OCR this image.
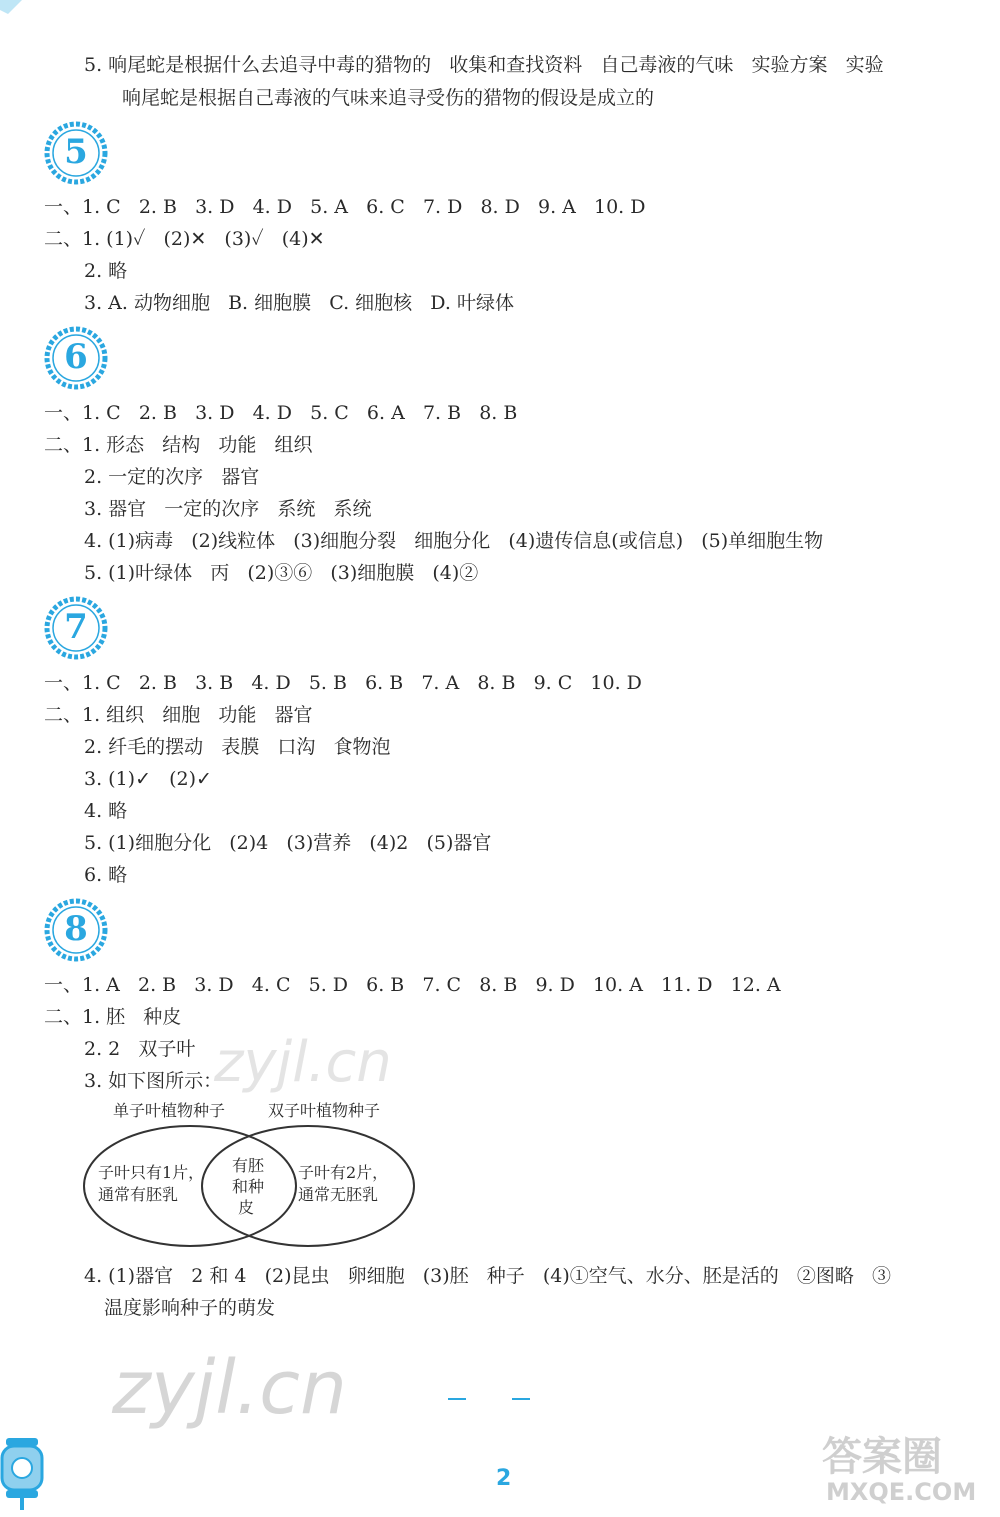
5. 响尾蛇是根据什么去追寻中毒的猎物的   收集和查找资料   自己毒液的气味   实验方案   实验
响尾蛇是根据自己毒液的气味来追寻受伤的猎物的假设是成立的
5
一、1. C   2. B   3. D   4. D   5. A   6. C   7. D   8. D   9. A   10. D
二、1. (1)✓   (2)✕   (3)✓   (4)✕
2. 略
3. A. 动物细胞   B. 细胞膜   C. 细胞核   D. 叶绿体
6
一、1. C   2. B   3. D   4. D   5. C   6. A   7. B   8. B
二、1. 形态   结构   功能   组织
2. 一定的次序   器官
3. 器官   一定的次序   系统   系统
4. (1)病毒   (2)线粒体   (3)细胞分裂   细胞分化   (4)遗传信息(或信息)   (5)单细胞生物
5. (1)叶绿体   丙   (2)③⑥   (3)细胞膜   (4)②
7
一、1. C   2. B   3. B   4. D   5. B   6. B   7. A   8. B   9. C   10. D
二、1. 组织   细胞   功能   器官
2. 纤毛的摆动   表膜   口沟   食物泡
3. (1)✓   (2)✓
4. 略
5. (1)细胞分化   (2)4   (3)营养   (4)2   (5)器官
6. 略
8
一、1. A   2. B   3. D   4. C   5. D   6. B   7. C   8. B   9. D   10. A   11. D   12. A
二、1. 胚   种皮
2. 2   双子叶
3. 如下图所示：
单子叶植物种子	双子叶植物种子
子叶只有1片，
通常有胚乳
有胚
和种
皮
子叶有2片，
通常无胚乳
4. (1)器官   2 和 4   (2)昆虫   卵细胞   (3)胚   种子   (4)①空气、水分、胚是活的   ②图略   ③
温度影响种子的萌发
zyjl.cn
zyjl.cn
2	答案圈
MXQE.COM
